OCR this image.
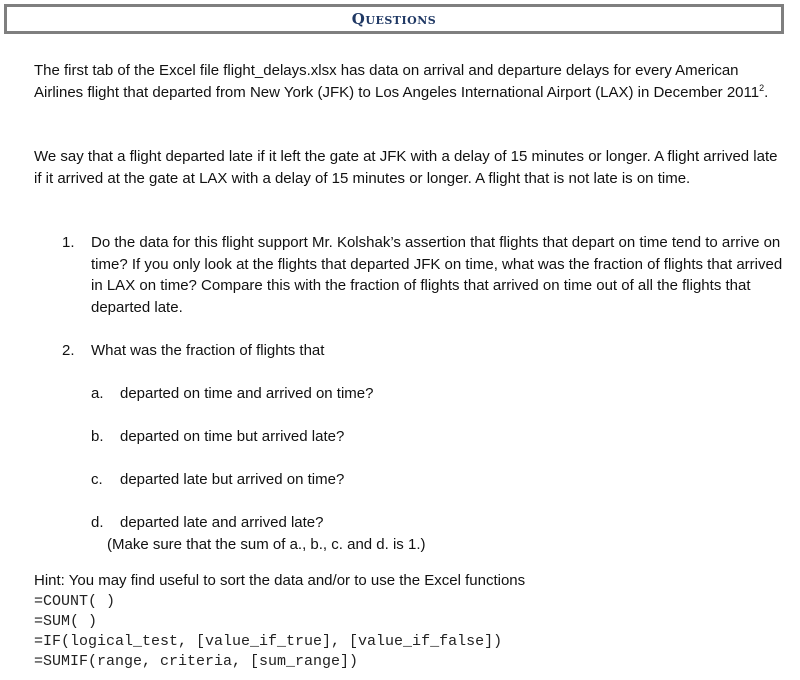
Questions

The first tab of the Excel file flight_delays.xlsx has data on arrival and departure delays for every American Airlines flight that departed from New York (JFK) to Los Angeles International Airport (LAX) in December 2011$^2$.

We say that a flight departed late if it left the gate at JFK with a delay of 15 minutes or longer. A flight arrived late if it arrived at the gate at LAX with a delay of 15 minutes or longer. A flight that is not late is on time.

1. Do the data for this flight support Mr. Kolshak’s assertion that flights that depart on time tend to arrive on time? If you only look at the flights that departed JFK on time, what was the fraction of flights that arrived in LAX on time? Compare this with the fraction of flights that arrived on time out of all the flights that departed late.

2. What was the fraction of flights that

a. departed on time and arrived on time?
b. departed on time but arrived late?
c. departed late but arrived on time?
d. departed late and arrived late?
(Make sure that the sum of a., b., c. and d. is 1.)
Hint: You may find useful to sort the data and/or to use the Excel functions
=COUNT( )
=SUM( )
=IF(logical_test, [value_if_true], [value_if_false])
=SUMIF(range, criteria, [sum_range])
